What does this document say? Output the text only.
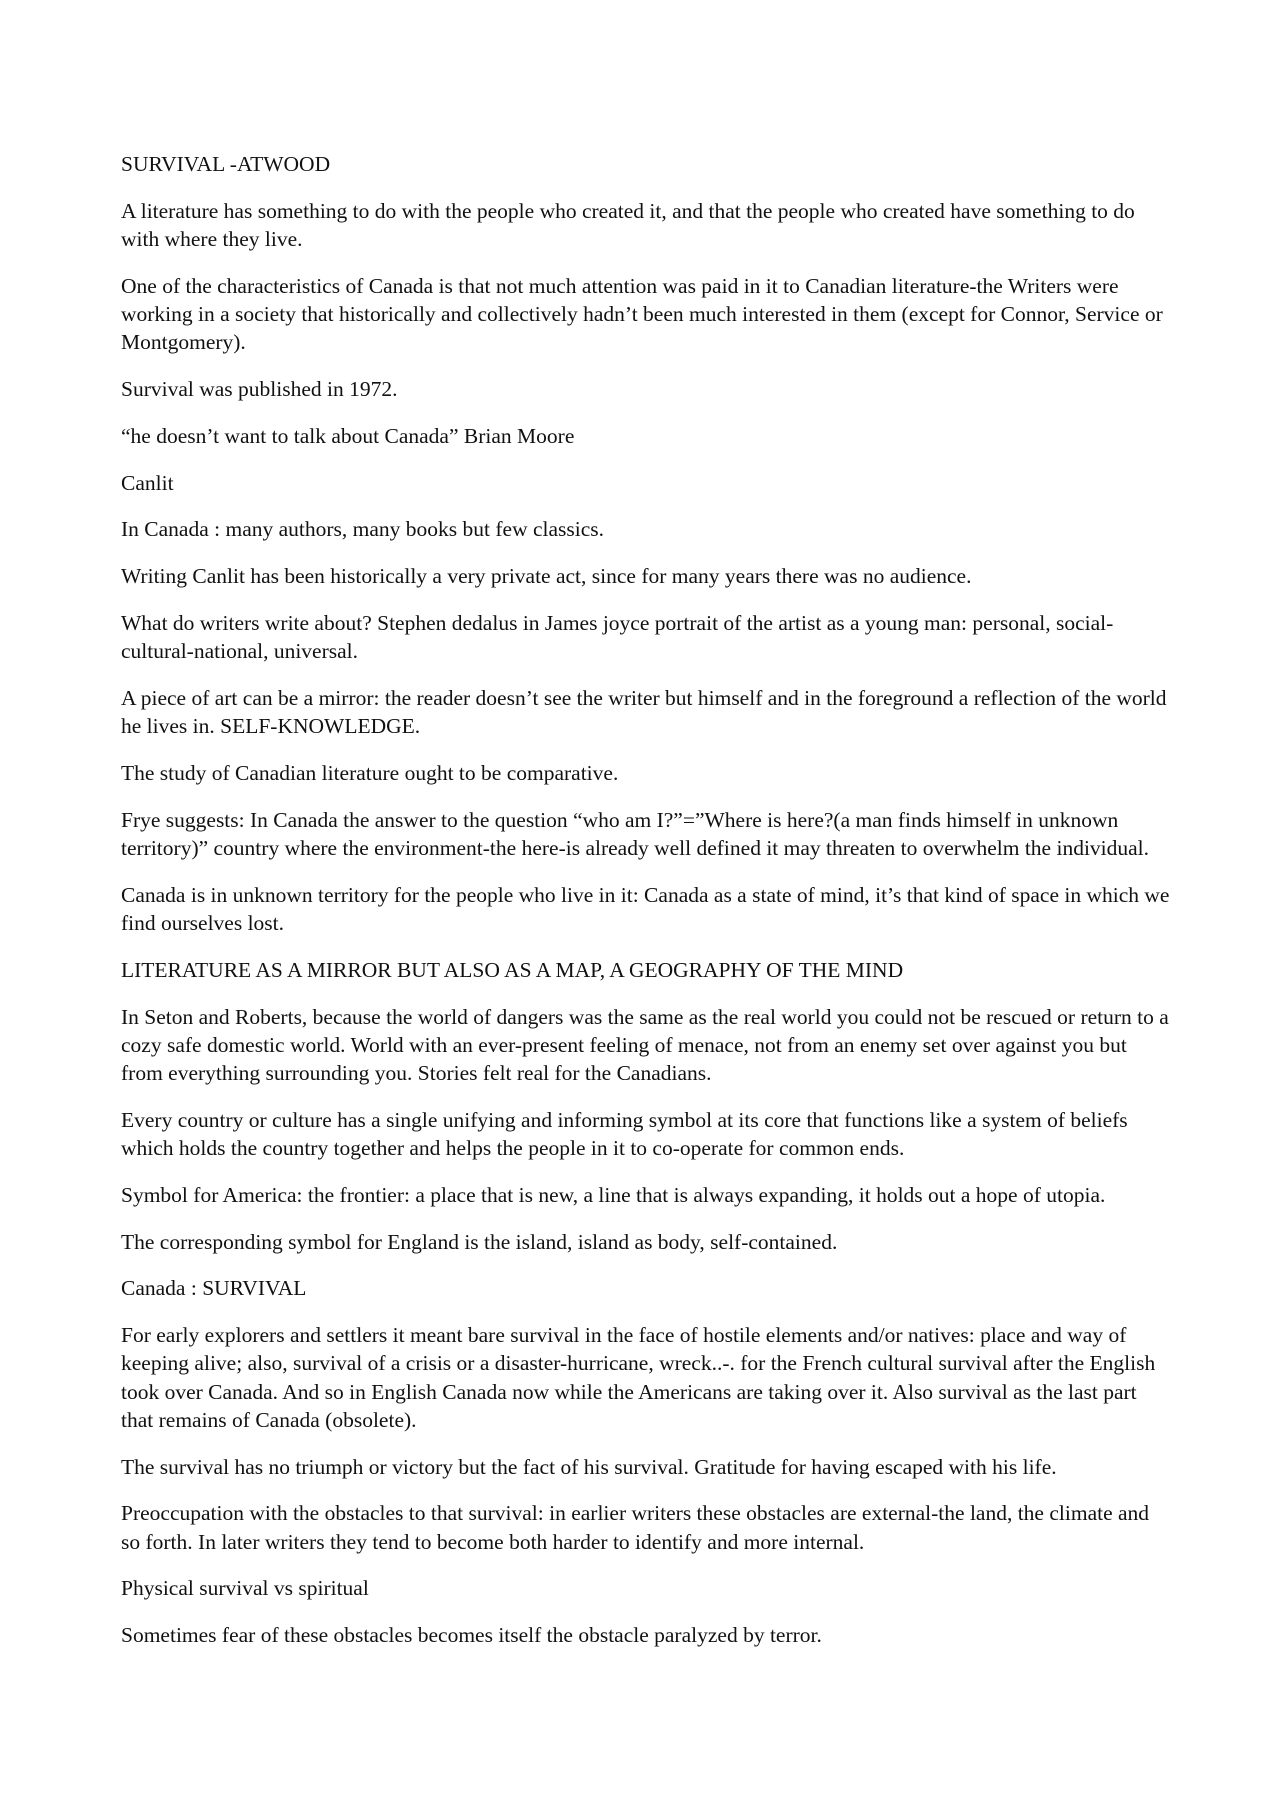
SURVIVAL -ATWOOD

A literature has something to do with the people who created it, and that the people who created have something to do with where they live.

One of the characteristics of Canada is that not much attention was paid in it to Canadian literature-the Writers were working in a society that historically and collectively hadn’t been much interested in them (except for Connor, Service or Montgomery).

Survival was published in 1972.

“he doesn’t want to talk about Canada” Brian Moore

Canlit

In Canada : many authors, many books but few classics.

Writing Canlit has been historically a very private act, since for many years there was no audience.

What do writers write about? Stephen dedalus in James joyce portrait of the artist as a young man: personal, social-cultural-national, universal.

A piece of art can be a mirror: the reader doesn’t see the writer but himself and in the foreground a reflection of the world he lives in. SELF-KNOWLEDGE.

The study of Canadian literature ought to be comparative.

Frye suggests: In Canada the answer to the question “who am I?”=”Where is here?(a man finds himself in unknown territory)” country where the environment-the here-is already well defined it may threaten to overwhelm the individual.

Canada is in unknown territory for the people who live in it: Canada as a state of mind, it’s that kind of space in which we find ourselves lost.

LITERATURE AS A MIRROR BUT ALSO AS A MAP, A GEOGRAPHY OF THE MIND

In Seton and Roberts, because the world of dangers was the same as the real world you could not be rescued or return to a cozy safe domestic world. World with an ever-present feeling of menace, not from an enemy set over against you but from everything surrounding you. Stories felt real for the Canadians.

Every country or culture has a single unifying and informing symbol at its core that functions like a system of beliefs which holds the country together and helps the people in it to co-operate for common ends.

Symbol for America: the frontier: a place that is new, a line that is always expanding, it holds out a hope of utopia.

The corresponding symbol for England is the island, island as body, self-contained.

Canada : SURVIVAL

For early explorers and settlers it meant bare survival in the face of hostile elements and/or natives: place and way of keeping alive; also, survival of a crisis or a disaster-hurricane, wreck..-. for the French cultural survival after the English took over Canada. And so in English Canada now while the Americans are taking over it. Also survival as the last part that remains of Canada (obsolete).

The survival has no triumph or victory but the fact of his survival. Gratitude for having escaped with his life.

Preoccupation with the obstacles to that survival: in earlier writers these obstacles are external-the land, the climate and so forth. In later writers they tend to become both harder to identify and more internal.

Physical survival vs spiritual

Sometimes fear of these obstacles becomes itself the obstacle paralyzed by terror.
